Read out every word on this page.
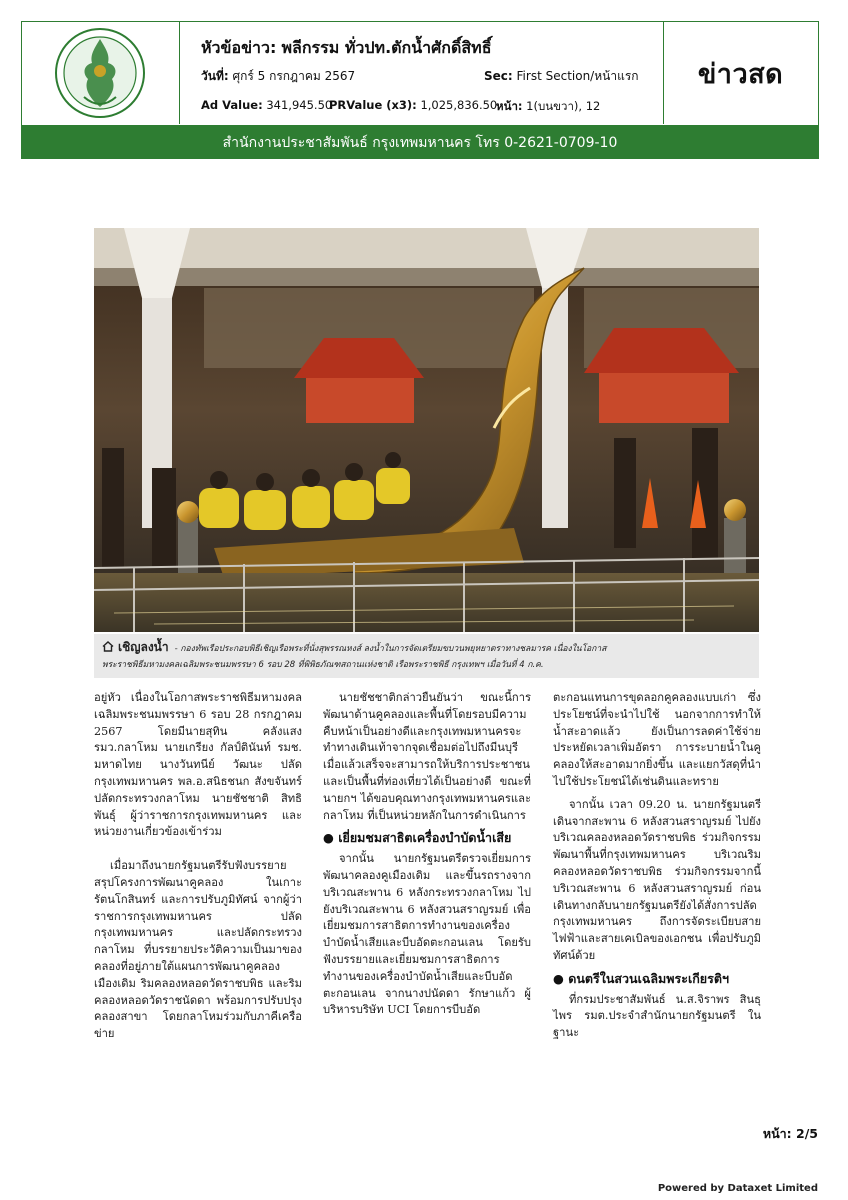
หัวข้อข่าว: พลีกรรม ทั่วปท.ตักน้ำศักดิ์สิทธิ์
วันที่: ศุกร์ 5 กรกฎาคม 2567	Sec: First Section/หน้าแรก
Ad Value: 341,945.50
PRValue (x3): 1,025,836.50
หน้า: 1(บนขวา), 12
ข่าวสด
สำนักงานประชาสัมพันธ์ กรุงเทพมหานคร โทร 0-2621-0709-10
เชิญลงน้ำ - กองทัพเรือประกอบพิธีเชิญเรือพระที่นั่งสุพรรณหงส์ ลงน้ำในการจัดเตรียมขบวนพยุหยาตราทางชลมารค เนื่องในโอกาส
พระราชพิธีมหามงคลเฉลิมพระชนมพรรษา 6 รอบ 28 ที่พิพิธภัณฑสถานแห่งชาติ เรือพระราชพิธี กรุงเทพฯ เมื่อวันที่ 4 ก.ค.

อยู่หัว เนื่องในโอกาสพระราชพิธีมหามงคลเฉลิมพระชนมพรรษา 6 รอบ 28 กรกฎาคม 2567 โดยมีนายสุทิน คลังแสง รมว.กลาโหม นายเกรียง กัลป์ตินันท์ รมช. มหาดไทย นางวันทนีย์ วัฒนะ ปลัดกรุงเทพมหานคร พล.อ.สนิธชนก สังขจันทร์ ปลัดกระทรวงกลาโหม นายชัชชาติ สิทธิพันธุ์ ผู้ว่าราชการกรุงเทพมหานคร และหน่วยงานเกี่ยวข้องเข้าร่วม

เมื่อมาถึงนายกรัฐมนตรีรับฟังบรรยายสรุปโครงการพัฒนาคูคลอง ในเกาะรัตนโกสินทร์ และการปรับภูมิทัศน์ จากผู้ว่าราชการกรุงเทพมหานคร ปลัดกรุงเทพมหานคร และปลัดกระทรวงกลาโหม ที่บรรยายประวัติความเป็นมาของคลองที่อยู่ภายใต้แผนการพัฒนาคูคลองเมืองเดิม ริมคลองหลอดวัดราชบพิธ และริมคลองหลอดวัดราชนัดดา พร้อมการปรับปรุงคลองสาขา โดยกลาโหมร่วมกับภาคีเครือข่าย

นายชัชชาติกล่าวยืนยันว่า ขณะนี้การพัฒนาด้านคูคลองและพื้นที่โดยรอบมีความคืบหน้าเป็นอย่างดีและกรุงเทพมหานครจะทำทางเดินเท้าจากจุดเชื่อมต่อไปถึงมีนบุรี เมื่อแล้วเสร็จจะสามารถให้บริการประชาชนและเป็นพื้นที่ท่องเที่ยวได้เป็นอย่างดี ขณะที่นายกฯ ได้ขอบคุณทางกรุงเทพมหานครและกลาโหม ที่เป็นหน่วยหลักในการดำเนินการ

● เยี่ยมชมสาธิตเครื่องบำบัดน้ำเสีย

จากนั้น นายกรัฐมนตรีตรวจเยี่ยมการพัฒนาคลองคูเมืองเดิม และขึ้นรถรางจากบริเวณสะพาน 6 หลังกระทรวงกลาโหม ไปยังบริเวณสะพาน 6 หลังสวนสราญรมย์ เพื่อเยี่ยมชมการสาธิตการทำงานของเครื่องบำบัดน้ำเสียและบีบอัดตะกอนเลน โดยรับฟังบรรยายและเยี่ยมชมการสาธิตการทำงานของเครื่องบำบัดน้ำเสียและบีบอัดตะกอนเลน จากนางปนัดดา รักษาแก้ว ผู้บริหารบริษัท UCI โดยการบีบอัด

ตะกอนแทนการขุดลอกคูคลองแบบเก่า ซึ่งประโยชน์ที่จะนำไปใช้ นอกจากการทำให้น้ำสะอาดแล้ว ยังเป็นการลดค่าใช้จ่ายประหยัดเวลาเพิ่มอัตรา การระบายน้ำในคูคลองให้สะอาดมากยิ่งขึ้น และแยกวัสดุที่นำไปใช้ประโยชน์ได้เช่นดินและทราย

จากนั้น เวลา 09.20 น. นายกรัฐมนตรีเดินจากสะพาน 6 หลังสวนสราญรมย์ ไปยังบริเวณคลองหลอดวัดราชบพิธ ร่วมกิจกรรมพัฒนาพื้นที่กรุงเทพมหานคร บริเวณริมคลองหลอดวัดราชบพิธ ร่วมกิจกรรมจากนี้ บริเวณสะพาน 6 หลังสวนสราญรมย์ ก่อนเดินทางกลับนายกรัฐมนตรียังได้สั่งการปลัดกรุงเทพมหานคร ถึงการจัดระเบียบสายไฟฟ้าและสายเคเบิลของเอกชน เพื่อปรับภูมิทัศน์ด้วย

● ดนตรีในสวนเฉลิมพระเกียรติฯ

ที่กรมประชาสัมพันธ์ น.ส.จิราพร สินธุไพร รมต.ประจำสำนักนายกรัฐมนตรี ในฐานะ

หน้า: 2/5
Powered by Dataxet Limited
